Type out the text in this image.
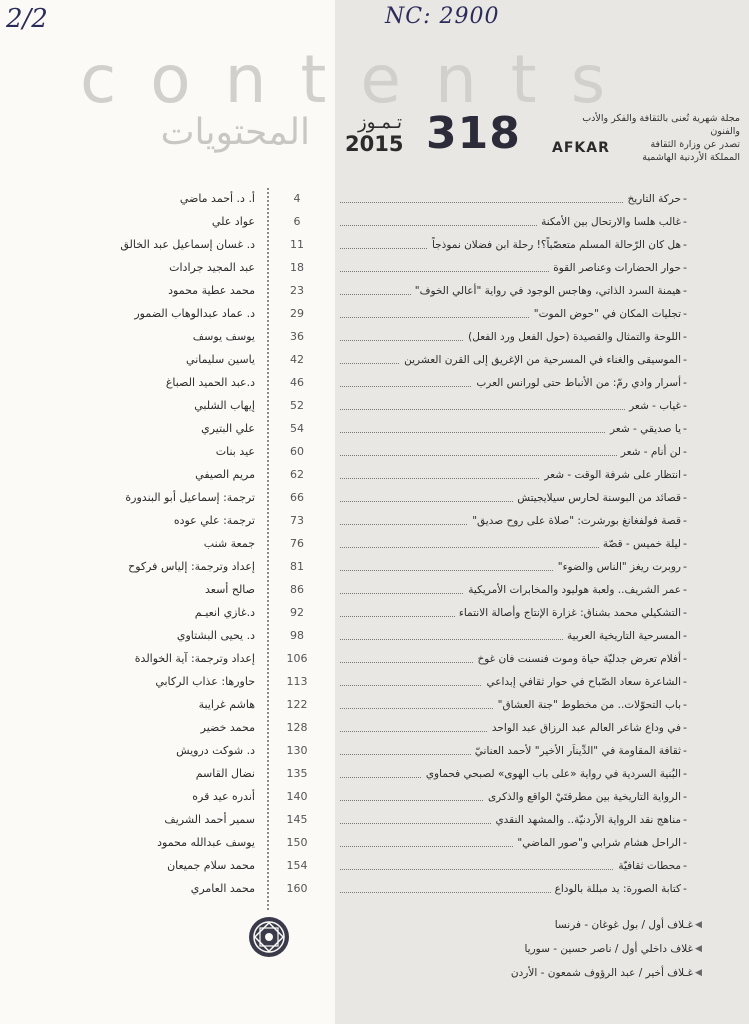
2/2	NC: 2900
contents
المحتويات	تـمـوز
2015 318	مجلة شهرية تُعنى بالثقافة والفكر والأدب والفنون
تصدر عن وزارة الثقافة
المملكة الأردنية الهاشمية
AFKAR
أ. د. أحمد ماضي	4	حركة التاريخ -
عواد علي	6	غالب هلسا والارتحال بين الأمكنة -
د. غسان إسماعيل عبد الخالق	11	هل كان الرّحالة المسلم متعصّباً؟! رحلة ابن فضلان نموذجاً -
عبد المجيد جرادات	18	حوار الحضارات وعناصر القوة -
محمد عطية محمود	23	هيمنة السرد الذاتي، وهاجس الوجود في رواية "أعالي الخوف" -
د. عماد عبدالوهاب الضمور	29	تجليات المكان في "حوض الموت" -
يوسف يوسف	36	اللوحة والتمثال والقصيدة (حول الفعل ورد الفعل) -
ياسين سليماني	42	الموسيقى والغناء في المسرحية من الإغريق إلى القرن العشرين -
د.عبد الحميد الصباغ	46	أسرار وادي رمّ: من الأنباط حتى لورانس العرب -
إيهاب الشلبي	52	غياب - شعر -
علي البتيري	54	يا صديقي - شعر -
عيد بنات	60	لن أنام - شعر -
مريم الصيفي	62	انتظار على شرفة الوقت - شعر -
ترجمة: إسماعيل أبو البندورة	66	قصائد من البوسنة لحارس سيلايجيتش -
ترجمة: علي عوده	73	قصة فولفغانغ بورشرت: "صلاة على روح صديق" -
جمعة شنب	76	ليلة خميس - قصّة -
إعداد وترجمة: إلياس فركوح	81	روبرت ريغز "الناس والضوء" -
صالح أسعد	86	عمر الشريف.. ولعبة هوليود والمخابرات الأمريكية -
د.غازي انعيـم	92	التشكيلي محمد بشناق: غزارة الإنتاج وأصالة الانتماء -
د. يحيى البشتاوي	98	المسرحية التاريخية العربية -
إعداد وترجمة: آية الخوالدة	106	أفلام تعرض جدليّة حياة وموت فنسنت فان غوخ -
حاورها: عذاب الركابي	113	الشاعرة سعاد الصّباح في حوار ثقافي إبداعي -
هاشم غرايبة	122	باب التحوّلات.. من مخطوط "جنة العشاق" -
محمد خضير	128	في وداع شاعر العالم عبد الرزاق عبد الواحد -
د. شوكت درويش	130	ثقافة المقاومة في "الدِّيناَر الأخير" لأحمد العنانيّ -
نضال القاسم	135	البُنية السردية في رواية «على باب الهوى» لصبحي فحماوي -
أندره عيد قره	140	الرواية التاريخية بين مطرقتَيْ الواقع والذكرى -
سمير أحمد الشريف	145	مناهج نقد الرواية الأردنيّة.. والمشهد النقدي -
يوسف عبدالله محمود	150	الراحل هشام شرابي و"صور الماضي" -
محمد سلام جميعان	154	محطات ثقافيّة -
محمد العامري	160	كتابة الصورة: يد مبللة بالوداع -
غـلاف أول / بول غوغان - فرنسا ◀
غلاف داخلي أول / ناصر حسين - سوريا ◀
غـلاف أخير / عبد الرؤوف شمعون - الأردن ◀
